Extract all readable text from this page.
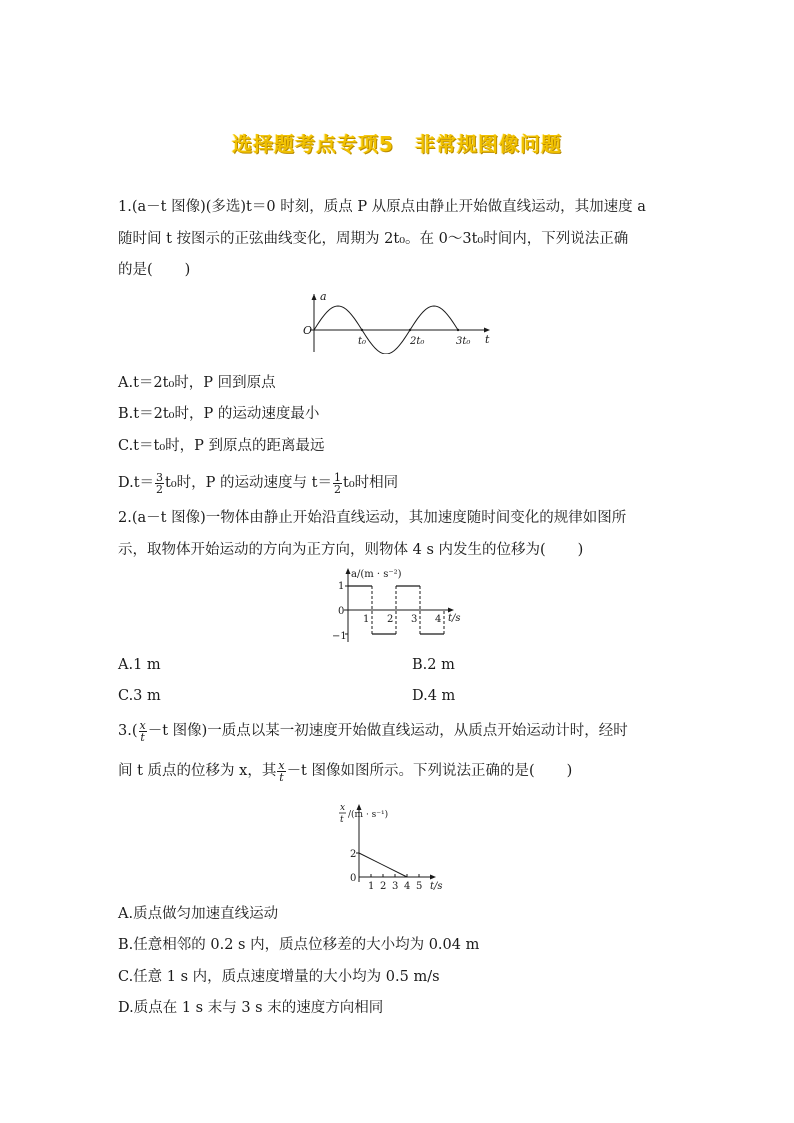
选择题考点专项5　非常规图像问题
1.(a－t 图像)(多选)t＝0 时刻，质点 P 从原点由静止开始做直线运动，其加速度 a
随时间 t 按图示的正弦曲线变化，周期为 2t₀。在 0～3t₀时间内，下列说法正确
的是( )
a
t
O
t₀	2t₀	3t₀
A.t＝2t₀时，P 回到原点
B.t＝2t₀时，P 的运动速度最小
C.t＝t₀时，P 到原点的距离最远
$D.t= \frac{3}{2} t_0$时，P 的运动速度与 $t= \frac{1}{2} t_0$时相同
2.(a－t 图像)一物体由静止开始沿直线运动，其加速度随时间变化的规律如图所
示，取物体开始运动的方向为正方向，则物体 4 s 内发生的位移为( )
a/(m · s⁻²)
t/s
1
0
−1
1 2 3 4
A.1 m	B.2 m
C.3 m	D.4 m
$3.( \frac{x}{t} -t$ 图像)一质点以某一初速度开始做直线运动，从质点开始运动计时，经时
间 t 质点的位移为 x，其 $\frac{x}{t} -t$ 图像如图所示。下列说法正确的是( )
x
t /(m · s⁻¹)
2
0
1 2 3 4 5 t/s
A.质点做匀加速直线运动
B.任意相邻的 0.2 s 内，质点位移差的大小均为 0.04 m
C.任意 1 s 内，质点速度增量的大小均为 0.5 m/s
D.质点在 1 s 末与 3 s 末的速度方向相同
